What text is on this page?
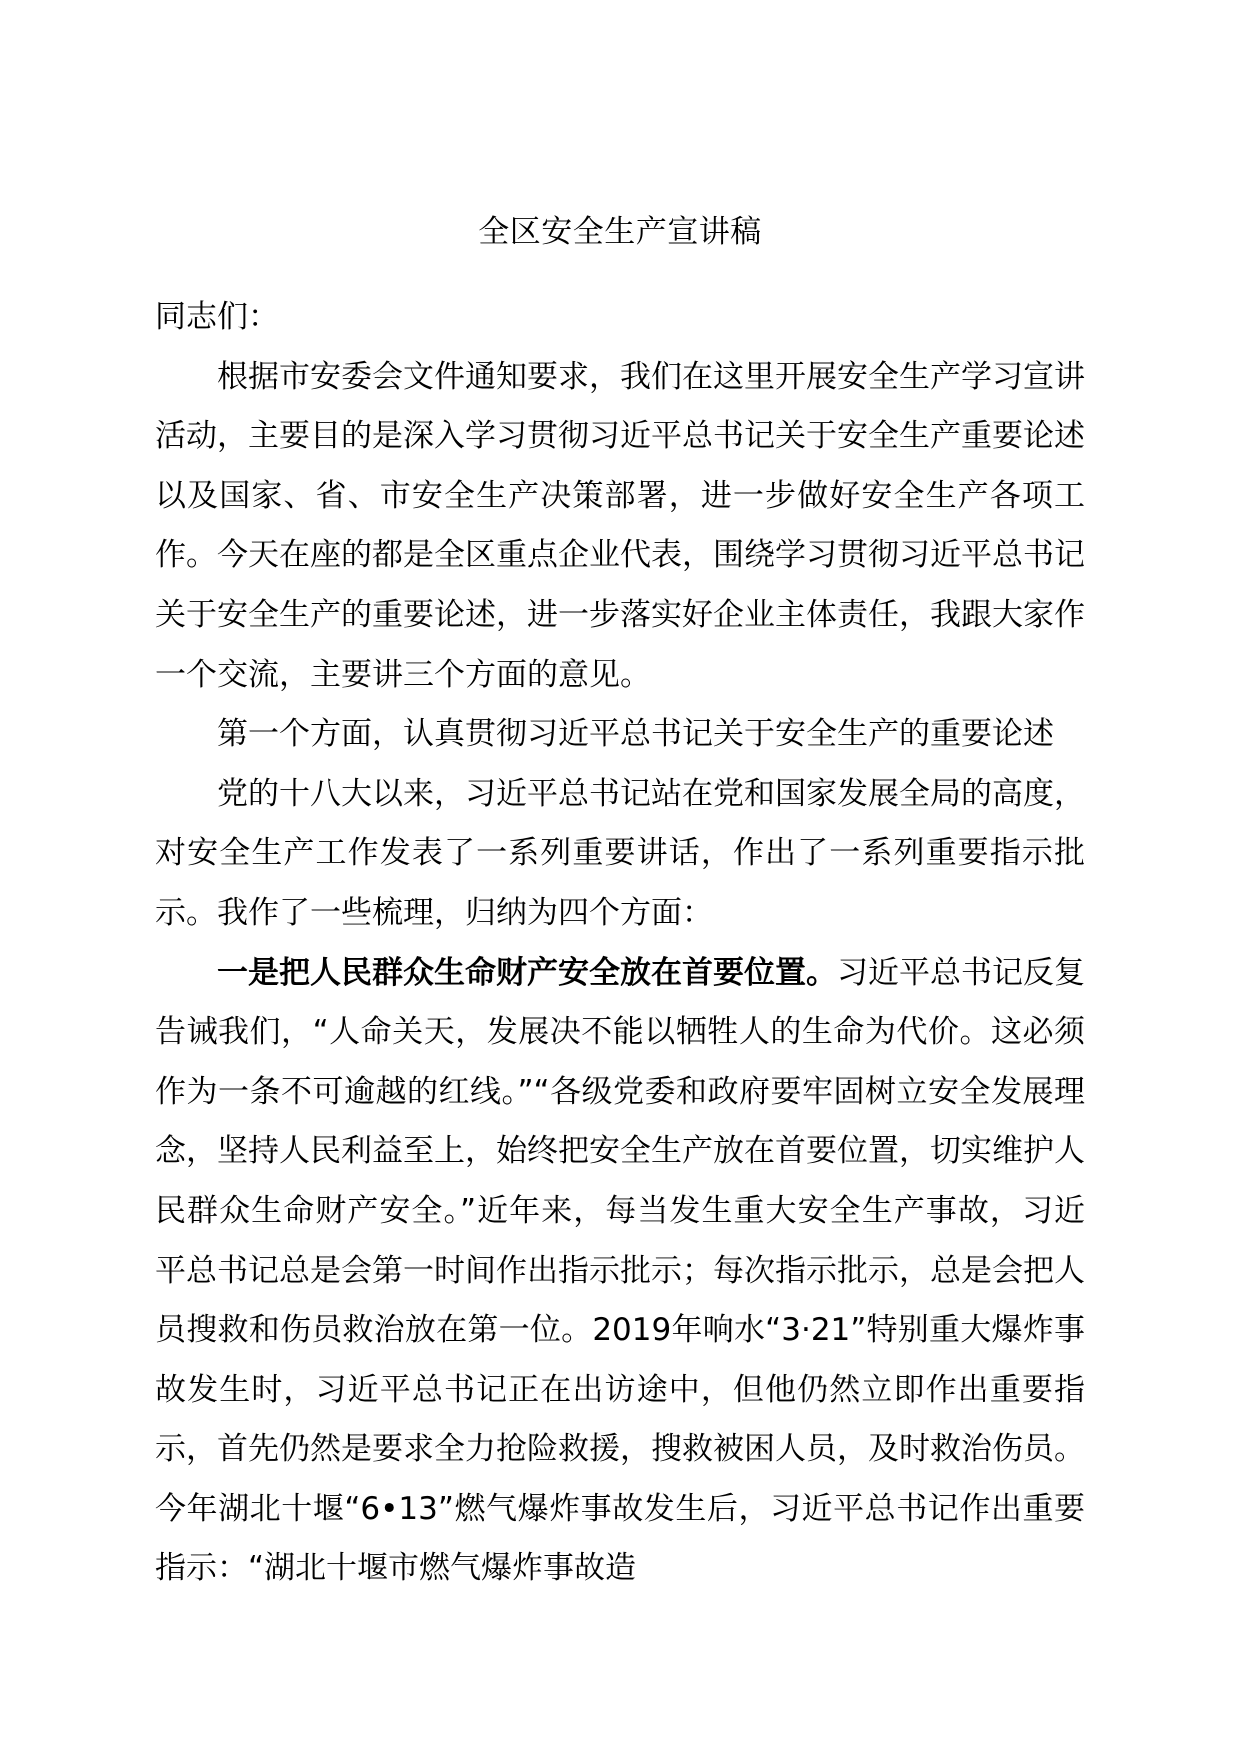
全区安全生产宣讲稿

同志们：

根据市安委会文件通知要求，我们在这里开展安全生产学习宣讲活动，主要目的是深入学习贯彻习近平总书记关于安全生产重要论述以及国家、省、市安全生产决策部署，进一步做好安全生产各项工作。今天在座的都是全区重点企业代表，围绕学习贯彻习近平总书记关于安全生产的重要论述，进一步落实好企业主体责任，我跟大家作一个交流，主要讲三个方面的意见。

第一个方面，认真贯彻习近平总书记关于安全生产的重要论述

党的十八大以来，习近平总书记站在党和国家发展全局的高度，对安全生产工作发表了一系列重要讲话，作出了一系列重要指示批示。我作了一些梳理，归纳为四个方面：

一是把人民群众生命财产安全放在首要位置。习近平总书记反复告诫我们，“人命关天，发展决不能以牺牲人的生命为代价。这必须作为一条不可逾越的红线。”“各级党委和政府要牢固树立安全发展理念，坚持人民利益至上，始终把安全生产放在首要位置，切实维护人民群众生命财产安全。”近年来，每当发生重大安全生产事故，习近平总书记总是会第一时间作出指示批示；每次指示批示，总是会把人员搜救和伤员救治放在第一位。2019年响水“3·21”特别重大爆炸事故发生时，习近平总书记正在出访途中，但他仍然立即作出重要指示，首先仍然是要求全力抢险救援，搜救被困人员，及时救治伤员。今年湖北十堰“6•13”燃气爆炸事故发生后，习近平总书记作出重要指示：“湖北十堰市燃气爆炸事故造
